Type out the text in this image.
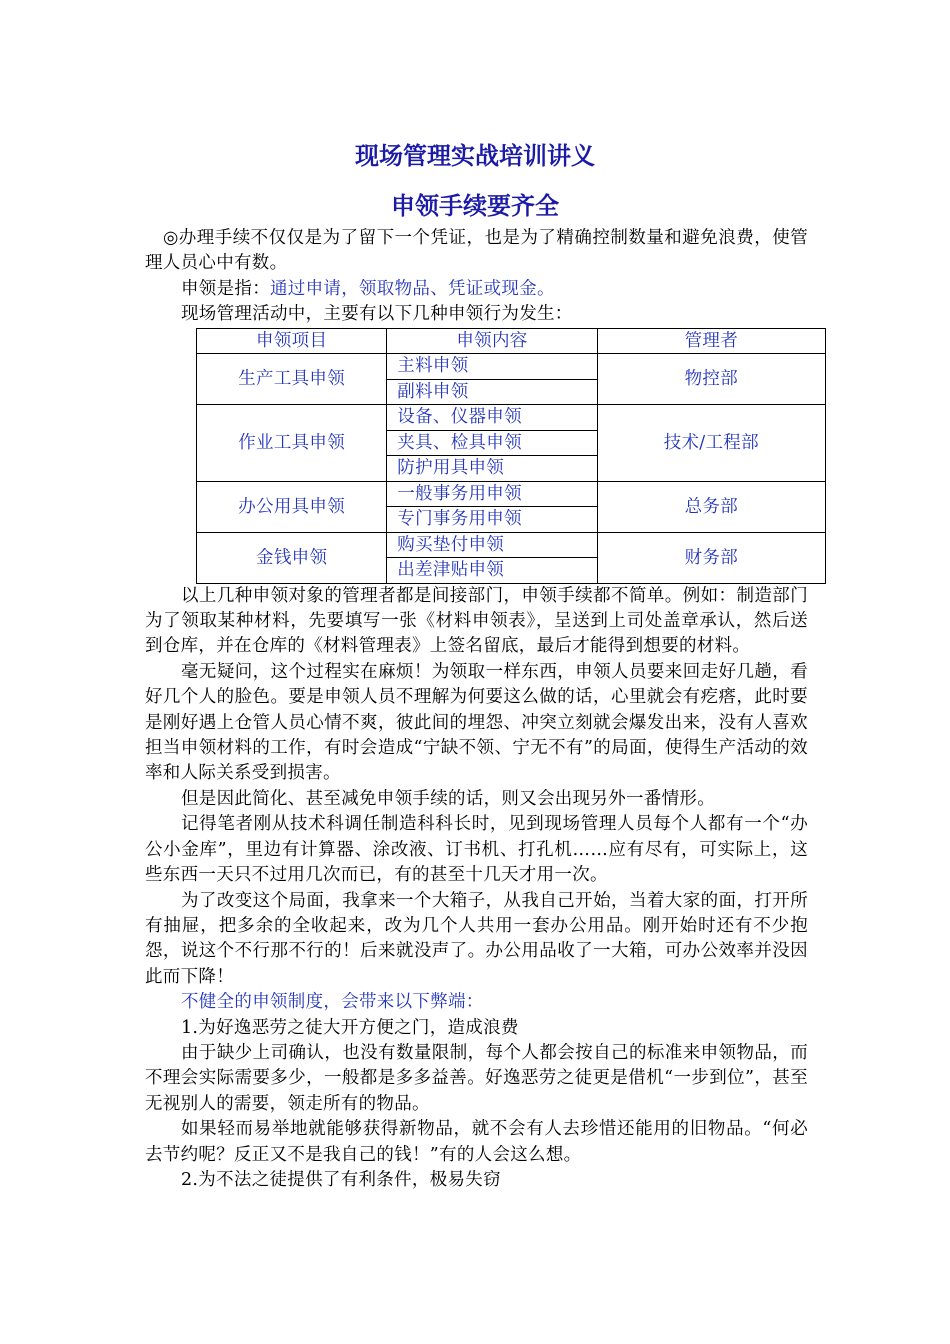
现场管理实战培训讲义
申领手续要齐全

◎办理手续不仅仅是为了留下一个凭证，也是为了精确控制数量和避免浪费，使管理人员心中有数。

申领是指：通过申请，领取物品、凭证或现金。

现场管理活动中，主要有以下几种申领行为发生：

申领项目	申领内容	管理者
生产工具申领	主料申领	物控部
	副料申领	
作业工具申领	设备、仪器申领	技术/工程部
	夹具、检具申领	
	防护用具申领	
办公用具申领	一般事务用申领	总务部
	专门事务用申领	
金钱申领	购买垫付申领	财务部
	出差津贴申领	

以上几种申领对象的管理者都是间接部门，申领手续都不简单。例如：制造部门为了领取某种材料，先要填写一张《材料申领表》，呈送到上司处盖章承认，然后送到仓库，并在仓库的《材料管理表》上签名留底，最后才能得到想要的材料。

毫无疑问，这个过程实在麻烦！为领取一样东西，申领人员要来回走好几趟，看好几个人的脸色。要是申领人员不理解为何要这么做的话，心里就会有疙瘩，此时要是刚好遇上仓管人员心情不爽，彼此间的埋怨、冲突立刻就会爆发出来，没有人喜欢担当申领材料的工作，有时会造成“宁缺不领、宁无不有”的局面，使得生产活动的效率和人际关系受到损害。

但是因此简化、甚至减免申领手续的话，则又会出现另外一番情形。

记得笔者刚从技术科调任制造科科长时，见到现场管理人员每个人都有一个“办公小金库”，里边有计算器、涂改液、订书机、打孔机……应有尽有，可实际上，这些东西一天只不过用几次而已，有的甚至十几天才用一次。

为了改变这个局面，我拿来一个大箱子，从我自己开始，当着大家的面，打开所有抽屉，把多余的全收起来，改为几个人共用一套办公用品。刚开始时还有不少抱怨，说这个不行那不行的！后来就没声了。办公用品收了一大箱，可办公效率并没因此而下降！

不健全的申领制度，会带来以下弊端：

1.为好逸恶劳之徒大开方便之门，造成浪费

由于缺少上司确认，也没有数量限制，每个人都会按自己的标准来申领物品，而不理会实际需要多少，一般都是多多益善。好逸恶劳之徒更是借机“一步到位”，甚至无视别人的需要，领走所有的物品。

如果轻而易举地就能够获得新物品，就不会有人去珍惜还能用的旧物品。“何必去节约呢？反正又不是我自己的钱！”有的人会这么想。

2.为不法之徒提供了有利条件，极易失窃
